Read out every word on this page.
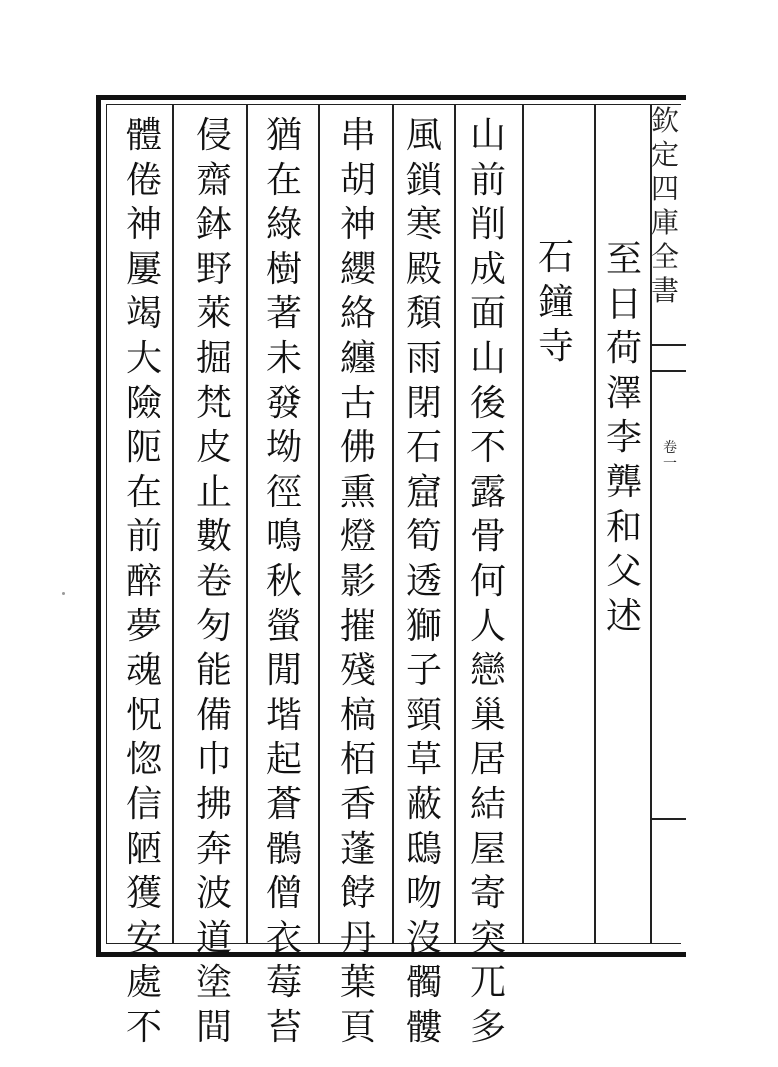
至
日
荷
澤
李
龏
和
父
述
石
鐘
寺
山
前
削
成
面
山
後
不
露
骨
何
人
戀
巢
居
結
屋
寄
突
兀
多
風
鎖
寒
殿
頽
雨
閉
石
窟
筍
透
獅
子
頸
草
蔽
鴟
吻
沒
髑
髏
串
胡
神
纓
絡
纏
古
佛
熏
燈
影
摧
殘
槁
栢
香
蓬
餑
丹
葉
頁
猶
在
綠
樹
著
未
發
坳
徑
鳴
秋
螢
閒
堦
起
蒼
鶻
僧
衣
莓
苔
侵
齋
鉢
野
萊
掘
梵
皮
止
數
卷
匇
能
備
巾
拂
奔
波
道
塗
間
體
倦
神
屢
竭
大
險
阨
在
前
醉
夢
魂
怳
惚
信
陋
獲
安
處
不
欽
定
四
庫
全
書
卷
一
